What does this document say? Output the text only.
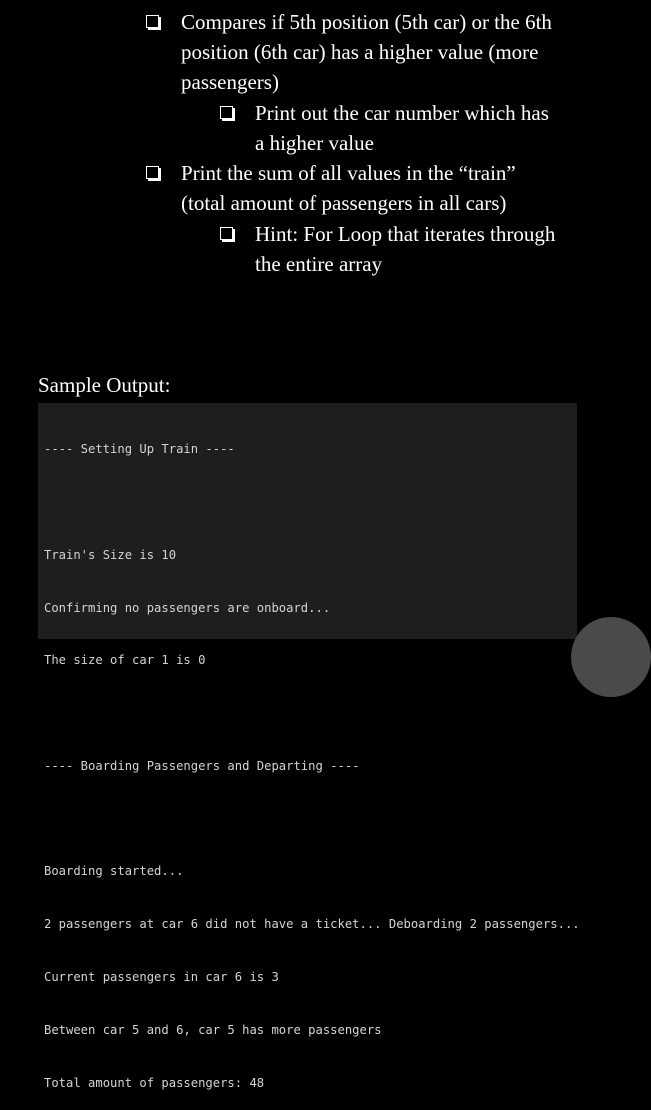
Compares if 5th position (5th car) or the 6th
position (6th car) has a higher value (more
passengers)
Print out the car number which has
a higher value
Print the sum of all values in the “train”
(total amount of passengers in all cars)
Hint: For Loop that iterates through
the entire array
Sample Output:

---- Setting Up Train ----

Train's Size is 10

Confirming no passengers are onboard...

The size of car 1 is 0

---- Boarding Passengers and Departing ----

Boarding started...

2 passengers at car 6 did not have a ticket... Deboarding 2 passengers...

Current passengers in car 6 is 3

Between car 5 and 6, car 5 has more passengers

Total amount of passengers: 48
